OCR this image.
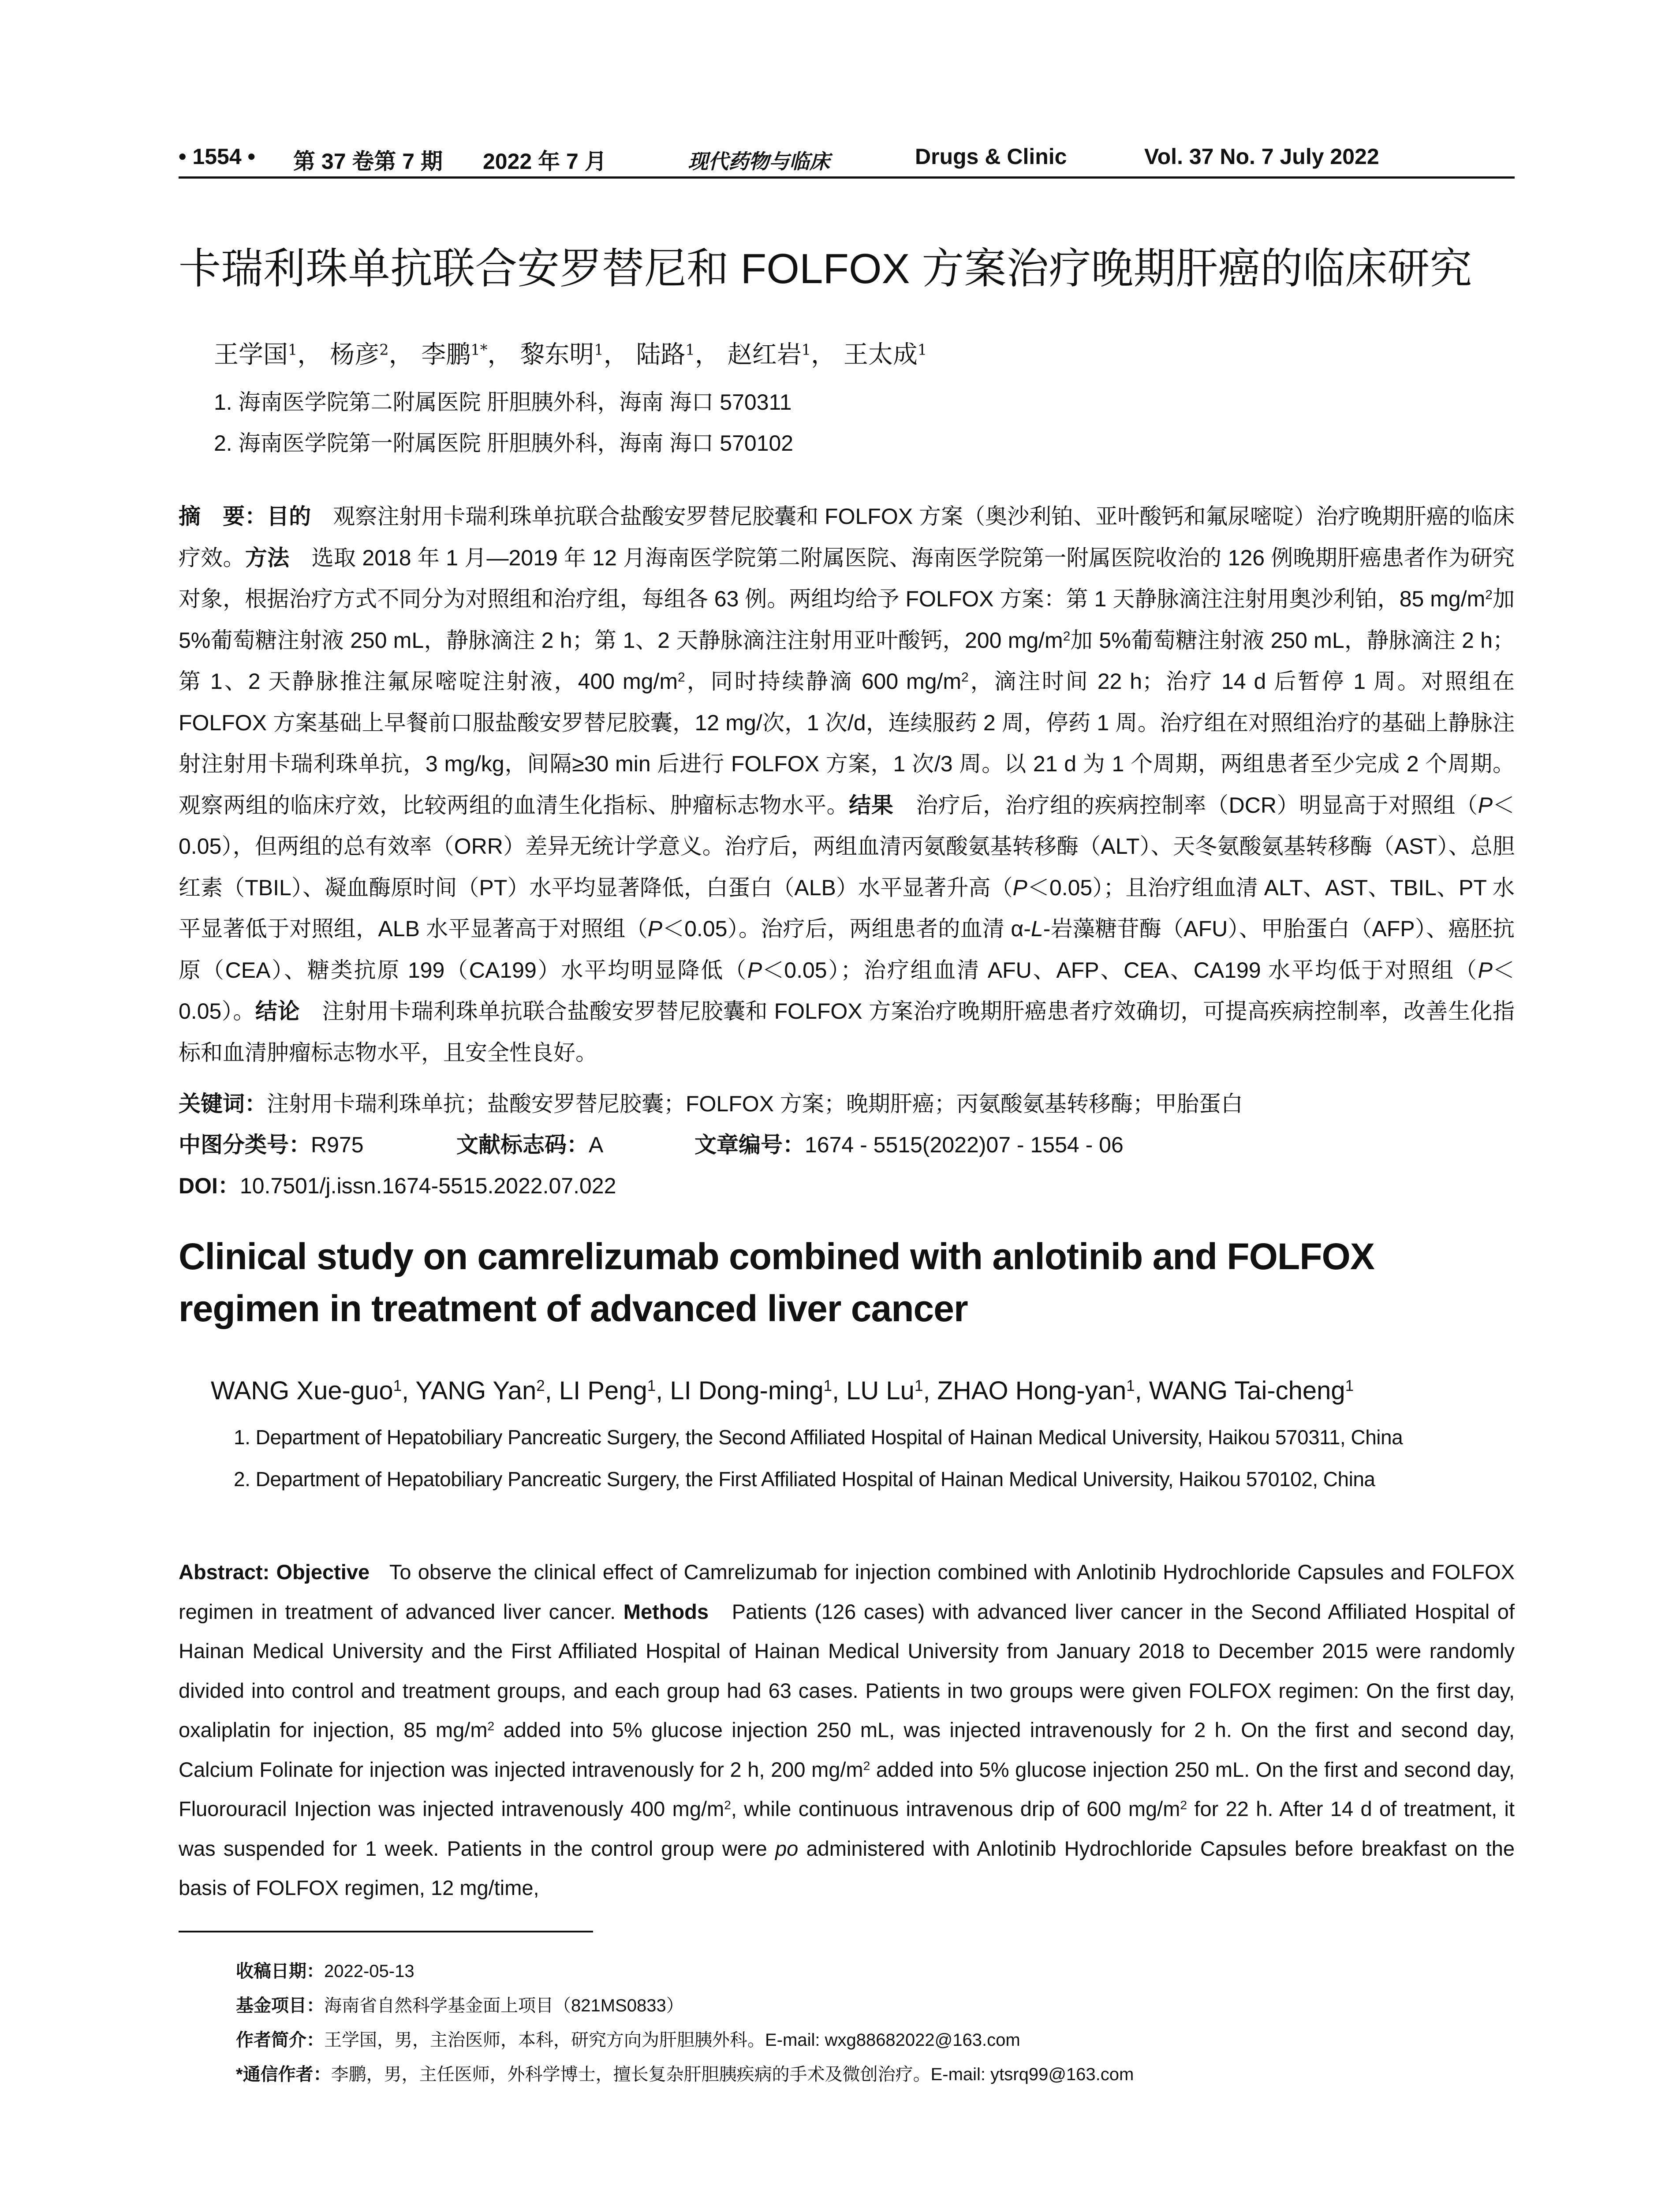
• 1554 • 第 37 卷第 7 期 2022 年 7 月	现代药物与临床	Drugs & Clinic	Vol. 37 No. 7 July 2022
卡瑞利珠单抗联合安罗替尼和 FOLFOX 方案治疗晚期肝癌的临床研究
王学国$^1$， 杨彦$^2$， 李鹏$^{1*}$， 黎东明$^1$， 陆路$^1$， 赵红岩$^1$， 王太成$^1$
1. 海南医学院第二附属医院 肝胆胰外科，海南 海口 570311
2. 海南医学院第一附属医院 肝胆胰外科，海南 海口 570102
摘　要：目的　 观察注射用卡瑞利珠单抗联合盐酸安罗替尼胶囊和 FOLFOX 方案（奥沙利铂、亚叶酸钙和氟尿嘧啶）治疗晚期肝癌的临床疗效。方法　 选取 2018 年 1 月—2019 年 12 月海南医学院第二附属医院、海南医学院第一附属医院收治的 126 例晚期肝癌患者作为研究对象，根据治疗方式不同分为对照组和治疗组，每组各 63 例。两组均给予 FOLFOX 方案：第 1 天静脉滴注注射用奥沙利铂，85 $mg/m^2$加 5%葡萄糖注射液 250 mL，静脉滴注 2 h；第 1、2 天静脉滴注注射用亚叶酸钙，200 $mg/m^2$加 5%葡萄糖注射液 250 mL，静脉滴注 2 h；第 1、2 天静脉推注氟尿嘧啶注射液，400 $mg/m^2$，同时持续静滴 600 $mg/m^2$，滴注时间 22 h；治疗 14 d 后暂停 1 周。对照组在 FOLFOX 方案基础上早餐前口服盐酸安罗替尼胶囊，12 mg/次，1 次/d，连续服药 2 周，停药 1 周。治疗组在对照组治疗的基础上静脉注射注射用卡瑞利珠单抗，3 mg/kg，间隔≥30 min 后进行 FOLFOX 方案，1 次/3 周。以 21 d 为 1 个周期，两组患者至少完成 2 个周期。观察两组的临床疗效，比较两组的血清生化指标、肿瘤标志物水平。结果　 治疗后，治疗组的疾病控制率（DCR）明显高于对照组（P＜0.05），但两组的总有效率（ORR）差异无统计学意义。治疗后，两组血清丙氨酸氨基转移酶（ALT）、天冬氨酸氨基转移酶（AST）、总胆红素（TBIL）、凝血酶原时间（PT）水平均显著降低，白蛋白（ALB）水平显著升高（P＜0.05）；且治疗组血清 ALT、AST、TBIL、PT 水平显著低于对照组，ALB 水平显著高于对照组（P＜0.05）。治疗后，两组患者的血清 α-L-岩藻糖苷酶（AFU）、甲胎蛋白（AFP）、癌胚抗原（CEA）、糖类抗原 199（CA199）水平均明显降低（P＜0.05）；治疗组血清 AFU、AFP、CEA、CA199 水平均低于对照组（P＜0.05）。结论　 注射用卡瑞利珠单抗联合盐酸安罗替尼胶囊和 FOLFOX 方案治疗晚期肝癌患者疗效确切，可提高疾病控制率，改善生化指标和血清肿瘤标志物水平，且安全性良好。
关键词：注射用卡瑞利珠单抗；盐酸安罗替尼胶囊；FOLFOX 方案；晚期肝癌；丙氨酸氨基转移酶；甲胎蛋白
中图分类号：R975	文献标志码：A	文章编号：1674 - 5515(2022)07 - 1554 - 06
DOI：10.7501/j.issn.1674-5515.2022.07.022
Clinical study on camrelizumab combined with anlotinib and FOLFOX regimen in treatment of advanced liver cancer
WANG Xue-guo$^1$, YANG Yan$^2$, LI Peng$^1$, LI Dong-ming$^1$, LU Lu$^1$, ZHAO Hong-yan$^1$, WANG Tai-cheng$^1$
1. Department of Hepatobiliary Pancreatic Surgery, the Second Affiliated Hospital of Hainan Medical University, Haikou 570311, China
2. Department of Hepatobiliary Pancreatic Surgery, the First Affiliated Hospital of Hainan Medical University, Haikou 570102, China
Abstract: Objective To observe the clinical effect of Camrelizumab for injection combined with Anlotinib Hydrochloride Capsules and FOLFOX regimen in treatment of advanced liver cancer. Methods Patients (126 cases) with advanced liver cancer in the Second Affiliated Hospital of Hainan Medical University and the First Affiliated Hospital of Hainan Medical University from January 2018 to December 2015 were randomly divided into control and treatment groups, and each group had 63 cases. Patients in two groups were given FOLFOX regimen: On the first day, oxaliplatin for injection, 85 $mg/m^2$ added into 5% glucose injection 250 mL, was injected intravenously for 2 h. On the first and second day, Calcium Folinate for injection was injected intravenously for 2 h, 200 $mg/m^2$ added into 5% glucose injection 250 mL. On the first and second day, Fluorouracil Injection was injected intravenously 400 $mg/m^2$, while continuous intravenous drip of 600 $mg/m^2$ for 22 h. After 14 d of treatment, it was suspended for 1 week. Patients in the control group were po administered with Anlotinib Hydrochloride Capsules before breakfast on the basis of FOLFOX regimen, 12 mg/time,
收稿日期：2022-05-13
基金项目：海南省自然科学基金面上项目（821MS0833）
作者简介：王学国，男，主治医师，本科，研究方向为肝胆胰外科。E-mail: wxg88682022@163.com
*通信作者：李鹏，男，主任医师，外科学博士，擅长复杂肝胆胰疾病的手术及微创治疗。E-mail: ytsrq99@163.com
